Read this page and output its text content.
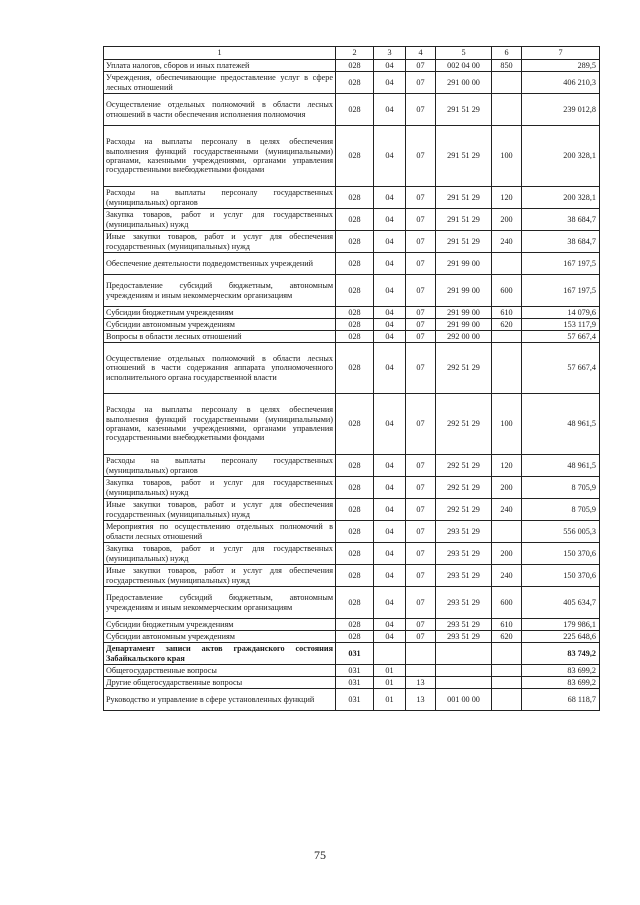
1	2	3	4	5	6	7
Уплата налогов, сборов и иных платежей	028	04	07	002 04 00	850	289,5
Учреждения, обеспечивающие предоставление услуг в сфере лесных отношений	028	04	07	291 00 00		406 210,3
Осуществление отдельных полномочий в области лесных отношений в части обеспечения исполнения полномочия	028	04	07	291 51 29		239 012,8
Расходы на выплаты персоналу в целях обеспечения выполнения функций государственными (муниципальными) органами, казенными учреждениями, органами управления государственными внебюджетными фондами	028	04	07	291 51 29	100	200 328,1
Расходы на выплаты персоналу государственных (муниципальных) органов	028	04	07	291 51 29	120	200 328,1
Закупка товаров, работ и услуг для государственных (муниципальных) нужд	028	04	07	291 51 29	200	38 684,7
Иные закупки товаров, работ и услуг для обеспечения государственных (муниципальных) нужд	028	04	07	291 51 29	240	38 684,7
Обеспечение деятельности подведомственных учреждений	028	04	07	291 99 00		167 197,5
Предоставление субсидий бюджетным, автономным учреждениям и иным некоммерческим организациям	028	04	07	291 99 00	600	167 197,5
Субсидии бюджетным учреждениям	028	04	07	291 99 00	610	14 079,6
Субсидии автономным учреждениям	028	04	07	291 99 00	620	153 117,9
Вопросы в области лесных отношений	028	04	07	292 00 00		57 667,4
Осуществление отдельных полномочий в области лесных отношений в части содержания аппарата уполномоченного исполнительного органа государственной власти	028	04	07	292 51 29		57 667,4
Расходы на выплаты персоналу в целях обеспечения выполнения функций государственными (муниципальными) органами, казенными учреждениями, органами управления государственными внебюджетными фондами	028	04	07	292 51 29	100	48 961,5
Расходы на выплаты персоналу государственных (муниципальных) органов	028	04	07	292 51 29	120	48 961,5
Закупка товаров, работ и услуг для государственных (муниципальных) нужд	028	04	07	292 51 29	200	8 705,9
Иные закупки товаров, работ и услуг для обеспечения государственных (муниципальных) нужд	028	04	07	292 51 29	240	8 705,9
Мероприятия по осуществлению отдельных полномочий в области лесных отношений	028	04	07	293 51 29		556 005,3
Закупка товаров, работ и услуг для государственных (муниципальных) нужд	028	04	07	293 51 29	200	150 370,6
Иные закупки товаров, работ и услуг для обеспечения государственных (муниципальных) нужд	028	04	07	293 51 29	240	150 370,6
Предоставление субсидий бюджетным, автономным учреждениям и иным некоммерческим организациям	028	04	07	293 51 29	600	405 634,7
Субсидии бюджетным учреждениям	028	04	07	293 51 29	610	179 986,1
Субсидии автономным учреждениям	028	04	07	293 51 29	620	225 648,6
Департамент записи актов гражданского состояния Забайкальского края	031					83 749,2
Общегосударственные вопросы	031	01				83 699,2
Другие общегосударственные вопросы	031	01	13			83 699,2
Руководство и управление в сфере установленных функций	031	01	13	001 00 00		68 118,7
75
